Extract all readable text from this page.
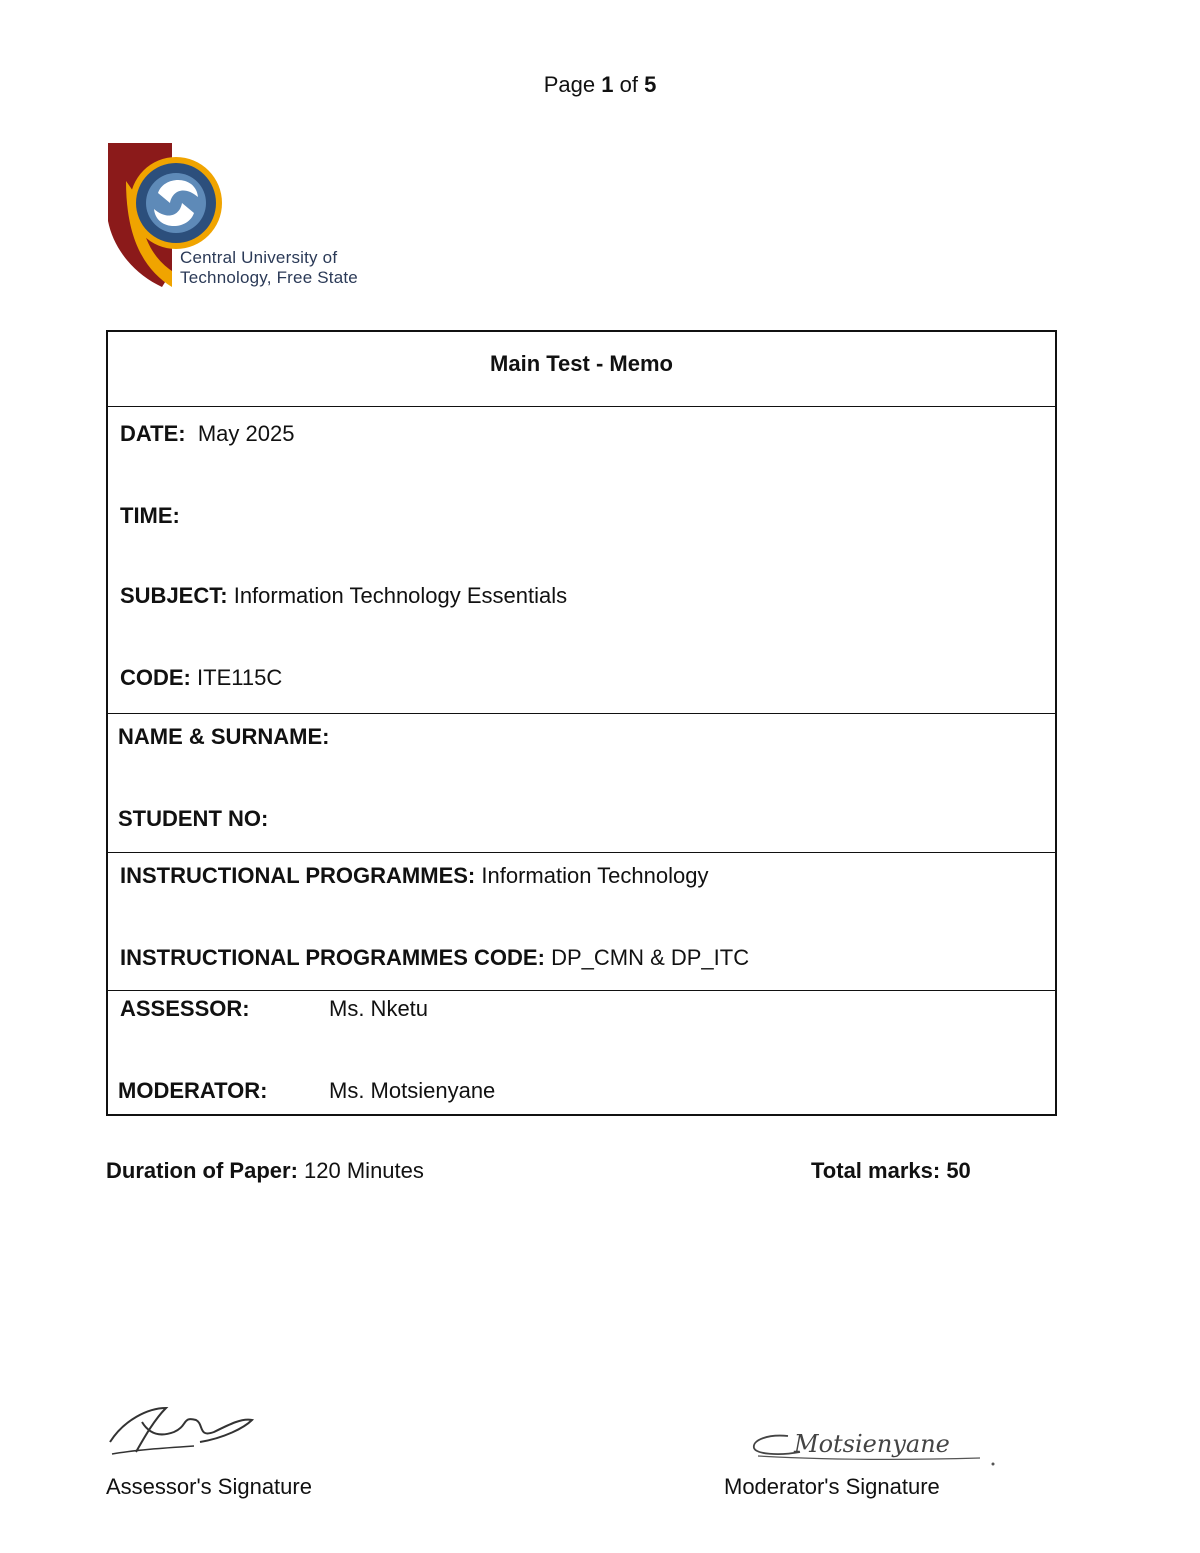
Page 1 of 5
Central University of
Technology, Free State
Main Test - Memo
DATE: May 2025
TIME:
SUBJECT: Information Technology Essentials
CODE: ITE115C
NAME & SURNAME:
STUDENT NO:
INSTRUCTIONAL PROGRAMMES: Information Technology
INSTRUCTIONAL PROGRAMMES CODE: DP_CMN & DP_ITC
ASSESSOR:	Ms. Nketu
MODERATOR:	Ms. Motsienyane
Duration of Paper: 120 Minutes	Total marks: 50
Motsienyane
Assessor's Signature	Moderator's Signature
